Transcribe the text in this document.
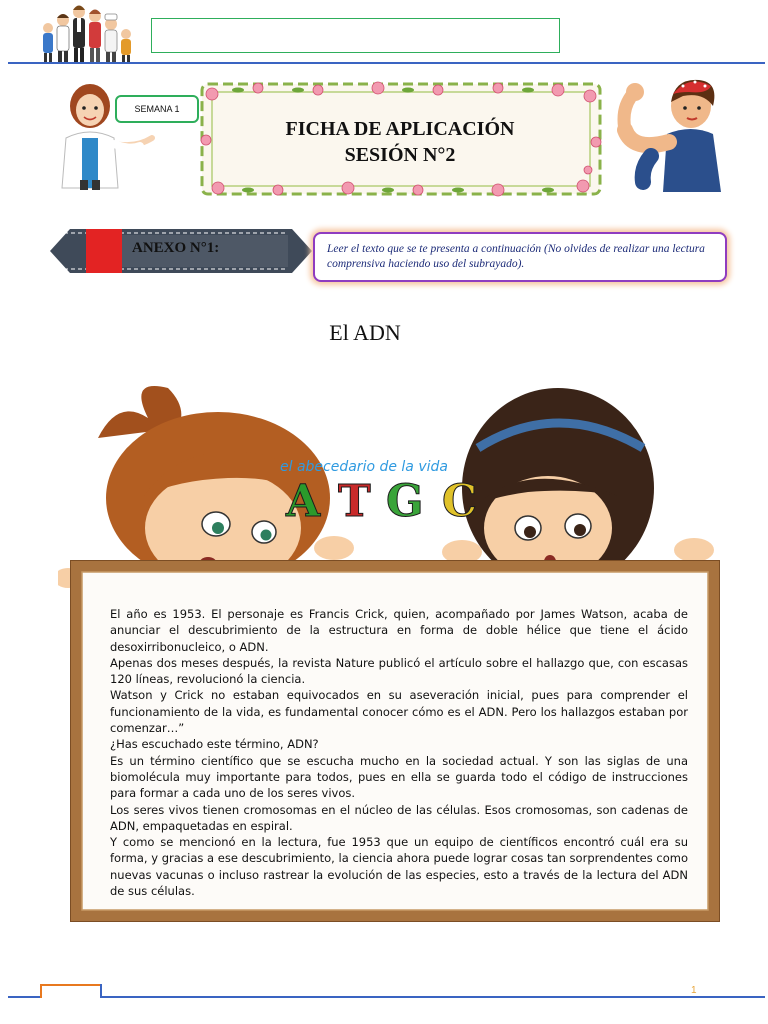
SEMANA 1
FICHA DE APLICACIÓN
SESIÓN N°2
ANEXO N°1:	Leer el texto que se te presenta a continuación (No olvides de realizar una lectura comprensiva haciendo uso del subrayado).
El ADN
el abecedario de la vida
A T G C

El año es 1953. El personaje es Francis Crick, quien, acompañado por James Watson, acaba de anunciar el descubrimiento de la estructura en forma de doble hélice que tiene el ácido desoxirribonucleico, o ADN.

Apenas dos meses después, la revista Nature publicó el artículo sobre el hallazgo que, con escasas 120 líneas, revolucionó la ciencia.

Watson y Crick no estaban equivocados en su aseveración inicial, pues para comprender el funcionamiento de la vida, es fundamental conocer cómo es el ADN. Pero los hallazgos estaban por comenzar…”

¿Has escuchado este término, ADN?

Es un término científico que se escucha mucho en la sociedad actual. Y son las siglas de una biomolécula muy importante para todos, pues en ella se guarda todo el código de instrucciones para formar a cada uno de los seres vivos.

Los seres vivos tienen cromosomas en el núcleo de las células. Esos cromosomas, son cadenas de ADN, empaquetadas en espiral.

Y como se mencionó en la lectura, fue 1953 que un equipo de científicos encontró cuál era su forma, y gracias a ese descubrimiento, la ciencia ahora puede lograr cosas tan sorprendentes como nuevas vacunas o incluso rastrear la evolución de las especies, esto a través de la lectura del ADN de sus células.

1
